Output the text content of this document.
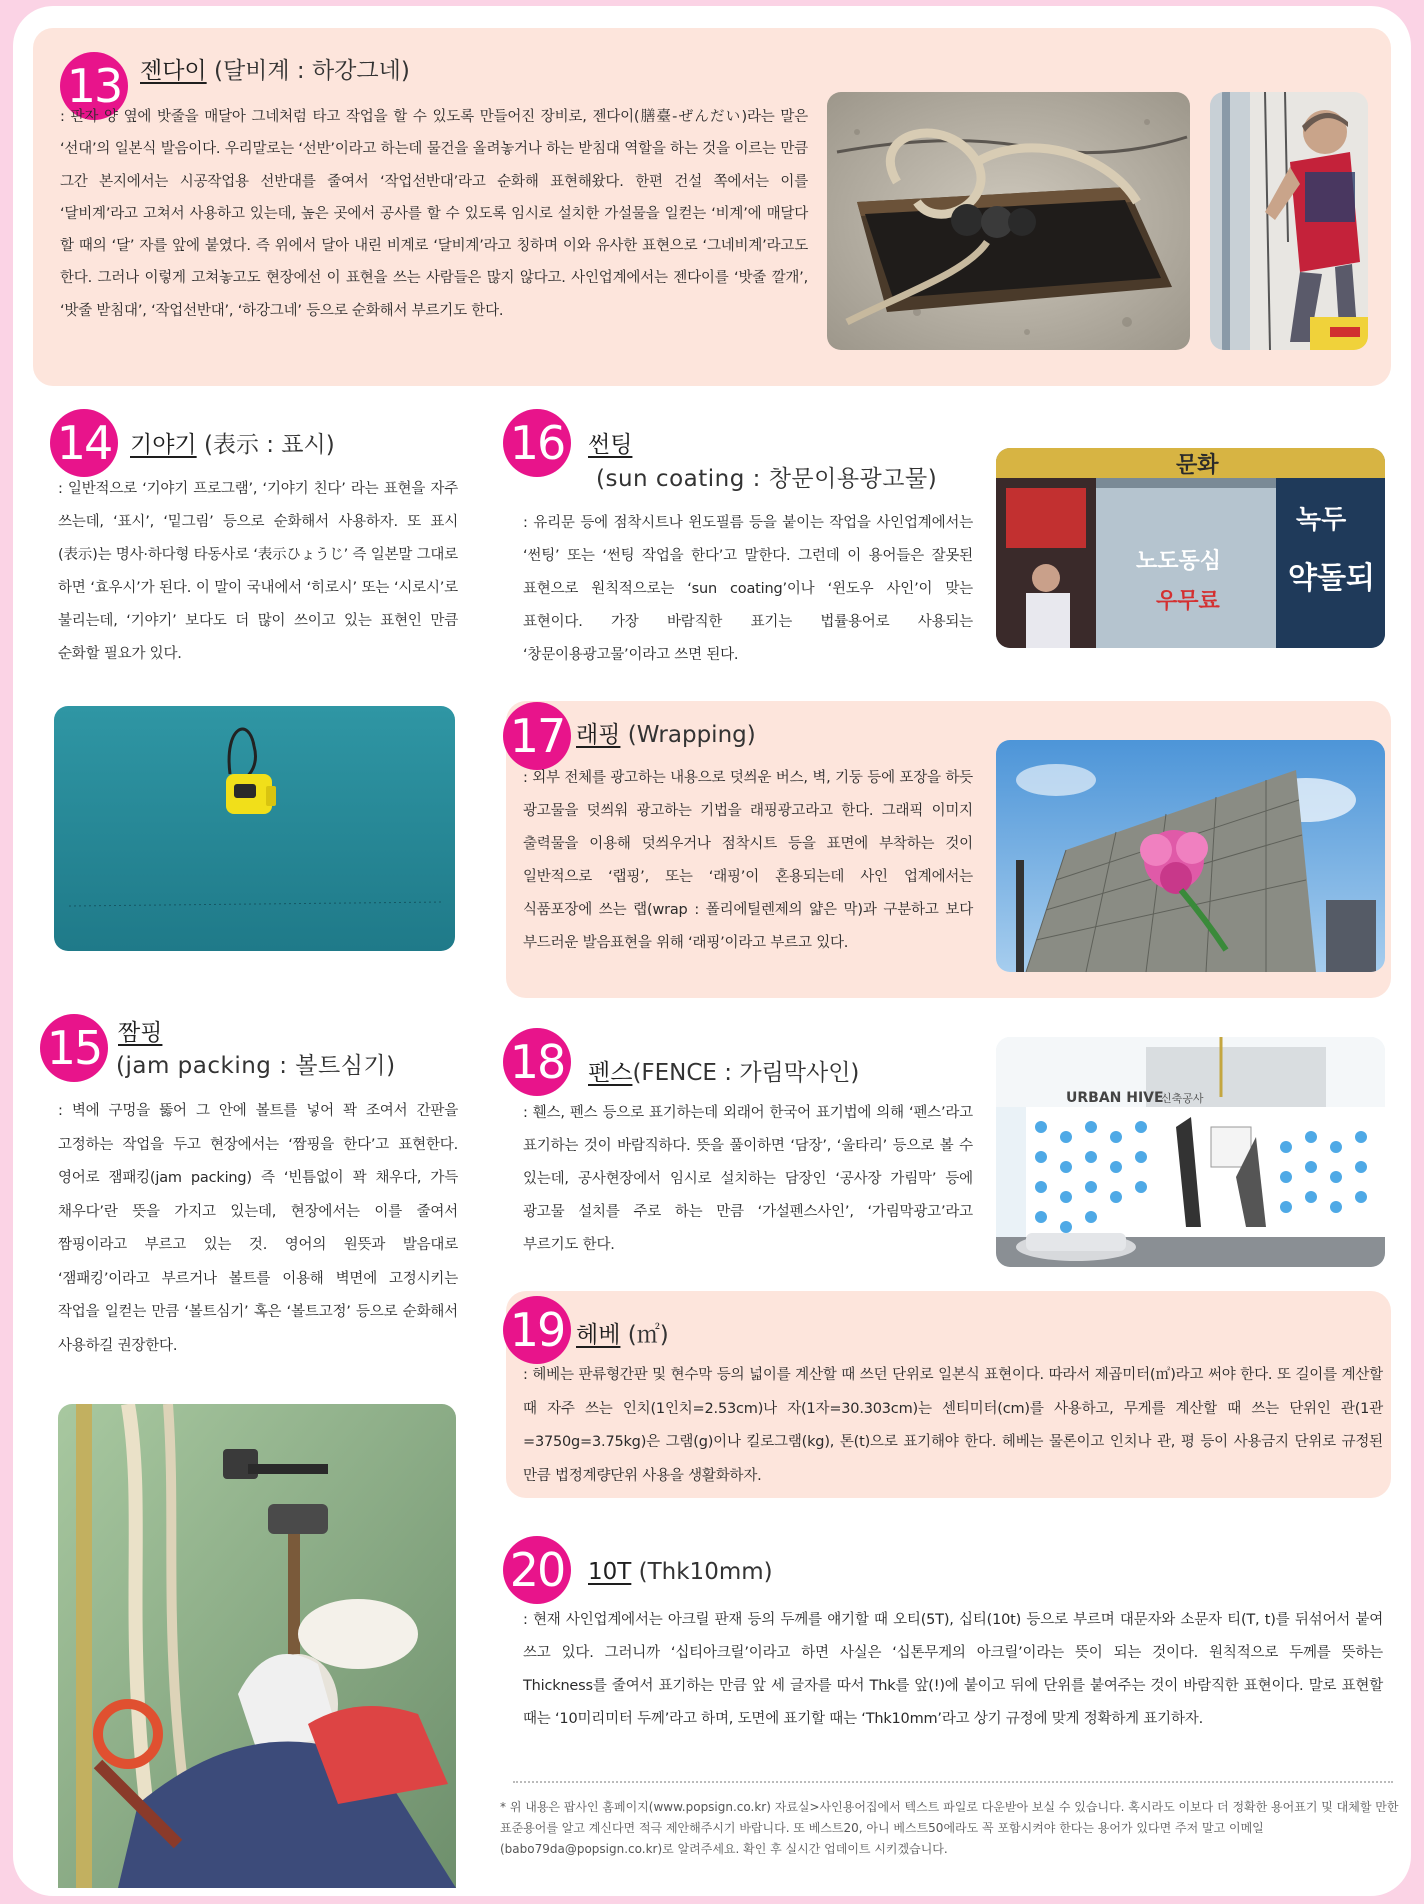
13 젠다이 (달비계 : 하강그네)
: 판자 양 옆에 밧줄을 매달아 그네처럼 타고 작업을 할 수 있도록 만들어진 장비로, 젠다이(膳臺-ぜんだい)라는 말은 ‘선대’의 일본식 발음이다. 우리말로는 ‘선반’이라고 하는데 물건을 올려놓거나 하는 받침대 역할을 하는 것을 이르는 만큼 그간 본지에서는 시공작업용 선반대를 줄여서 ‘작업선반대’라고 순화해 표현해왔다. 한편 건설 쪽에서는 이를 ‘달비계’라고 고쳐서 사용하고 있는데, 높은 곳에서 공사를 할 수 있도록 임시로 설치한 가설물을 일컫는 ‘비계’에 매달다 할 때의 ‘달’ 자를 앞에 붙였다. 즉 위에서 달아 내린 비계로 ‘달비계’라고 칭하며 이와 유사한 표현으로 ‘그네비계’라고도 한다. 그러나 이렇게 고쳐놓고도 현장에선 이 표현을 쓰는 사람들은 많지 않다고. 사인업계에서는 젠다이를 ‘밧줄 깔개’, ‘밧줄 받침대’, ‘작업선반대’, ‘하강그네’ 등으로 순화해서 부르기도 한다.
14 기야기 (表示 : 표시)
: 일반적으로 ‘기야기 프로그램’, ‘기야기 친다’ 라는 표현을 자주 쓰는데, ‘표시’, ‘밑그림’ 등으로 순화해서 사용하자. 또 표시(表示)는 명사·하다형 타동사로 ‘表示ひょうじ’ 즉 일본말 그대로 하면 ‘효우시’가 된다. 이 말이 국내에서 ‘히로시’ 또는 ‘시로시’로 불리는데, ‘기야기’ 보다도 더 많이 쓰이고 있는 표현인 만큼 순화할 필요가 있다.
15 짬핑
(jam packing : 볼트심기)
: 벽에 구멍을 뚫어 그 안에 볼트를 넣어 꽉 조여서 간판을 고정하는 작업을 두고 현장에서는 ‘짬핑을 한다’고 표현한다. 영어로 잼패킹(jam packing) 즉 ‘빈틈없이 꽉 채우다, 가득 채우다’란 뜻을 가지고 있는데, 현장에서는 이를 줄여서 짬핑이라고 부르고 있는 것. 영어의 원뜻과 발음대로 ‘잼패킹’이라고 부르거나 볼트를 이용해 벽면에 고정시키는 작업을 일컫는 만큼 ‘볼트심기’ 혹은 ‘볼트고정’ 등으로 순화해서 사용하길 권장한다.
16 썬팅
(sun coating : 창문이용광고물)
: 유리문 등에 점착시트나 윈도필름 등을 붙이는 작업을 사인업계에서는 ‘썬팅’ 또는 ‘썬팅 작업을 한다’고 말한다. 그런데 이 용어들은 잘못된 표현으로 원칙적으로는 ‘sun coating’이나 ‘윈도우 사인’이 맞는 표현이다. 가장 바람직한 표기는 법률용어로 사용되는 ‘창문이용광고물’이라고 쓰면 된다.
문화
노도동심
우무료
녹두
약돌되
17 래핑 (Wrapping)
: 외부 전체를 광고하는 내용으로 덧씌운 버스, 벽, 기둥 등에 포장을 하듯 광고물을 덧씌워 광고하는 기법을 래핑광고라고 한다. 그래픽 이미지 출력물을 이용해 덧씌우거나 점착시트 등을 표면에 부착하는 것이 일반적으로 ‘랩핑’, 또는 ‘래핑’이 혼용되는데 사인 업계에서는 식품포장에 쓰는 랩(wrap : 폴리에틸렌제의 얇은 막)과 구분하고 보다 부드러운 발음표현을 위해 ‘래핑’이라고 부르고 있다.
18 펜스(FENCE : 가림막사인)
: 휀스, 펜스 등으로 표기하는데 외래어 한국어 표기법에 의해 ‘펜스’라고 표기하는 것이 바람직하다. 뜻을 풀이하면 ‘담장’, ‘울타리’ 등으로 볼 수 있는데, 공사현장에서 임시로 설치하는 담장인 ‘공사장 가림막’ 등에 광고물 설치를 주로 하는 만큼 ‘가설펜스사인’, ‘가림막광고’라고 부르기도 한다.
URBAN HIVE
신축공사
19 헤베 (㎡)
: 헤베는 판류형간판 및 현수막 등의 넓이를 계산할 때 쓰던 단위로 일본식 표현이다. 따라서 제곱미터(㎡)라고 써야 한다. 또 길이를 계산할 때 자주 쓰는 인치(1인치=2.53cm)나 자(1자=30.303cm)는 센티미터(cm)를 사용하고, 무게를 계산할 때 쓰는 단위인 관(1관=3750g=3.75kg)은 그램(g)이나 킬로그램(kg), 톤(t)으로 표기해야 한다. 헤베는 물론이고 인치나 관, 평 등이 사용금지 단위로 규정된 만큼 법정계량단위 사용을 생활화하자.
20 10T (Thk10mm)
: 현재 사인업계에서는 아크릴 판재 등의 두께를 얘기할 때 오티(5T), 십티(10t) 등으로 부르며 대문자와 소문자 티(T, t)를 뒤섞어서 붙여 쓰고 있다. 그러니까 ‘십티아크릴’이라고 하면 사실은 ‘십톤무게의 아크릴’이라는 뜻이 되는 것이다. 원칙적으로 두께를 뜻하는 Thickness를 줄여서 표기하는 만큼 앞 세 글자를 따서 Thk를 앞(!)에 붙이고 뒤에 단위를 붙여주는 것이 바람직한 표현이다. 말로 표현할 때는 ‘10미리미터 두께’라고 하며, 도면에 표기할 때는 ‘Thk10mm’라고 상기 규정에 맞게 정확하게 표기하자.
* 위 내용은 팝사인 홈페이지(www.popsign.co.kr) 자료실>사인용어집에서 텍스트 파일로 다운받아 보실 수 있습니다. 혹시라도 이보다 더 정확한 용어표기 및 대체할 만한 표준용어를 알고 계신다면 적극 제안해주시기 바랍니다. 또 베스트20, 아니 베스트50에라도 꼭 포함시켜야 한다는 용어가 있다면 주저 말고 이메일(babo79da@popsign.co.kr)로 알려주세요. 확인 후 실시간 업데이트 시키겠습니다.
